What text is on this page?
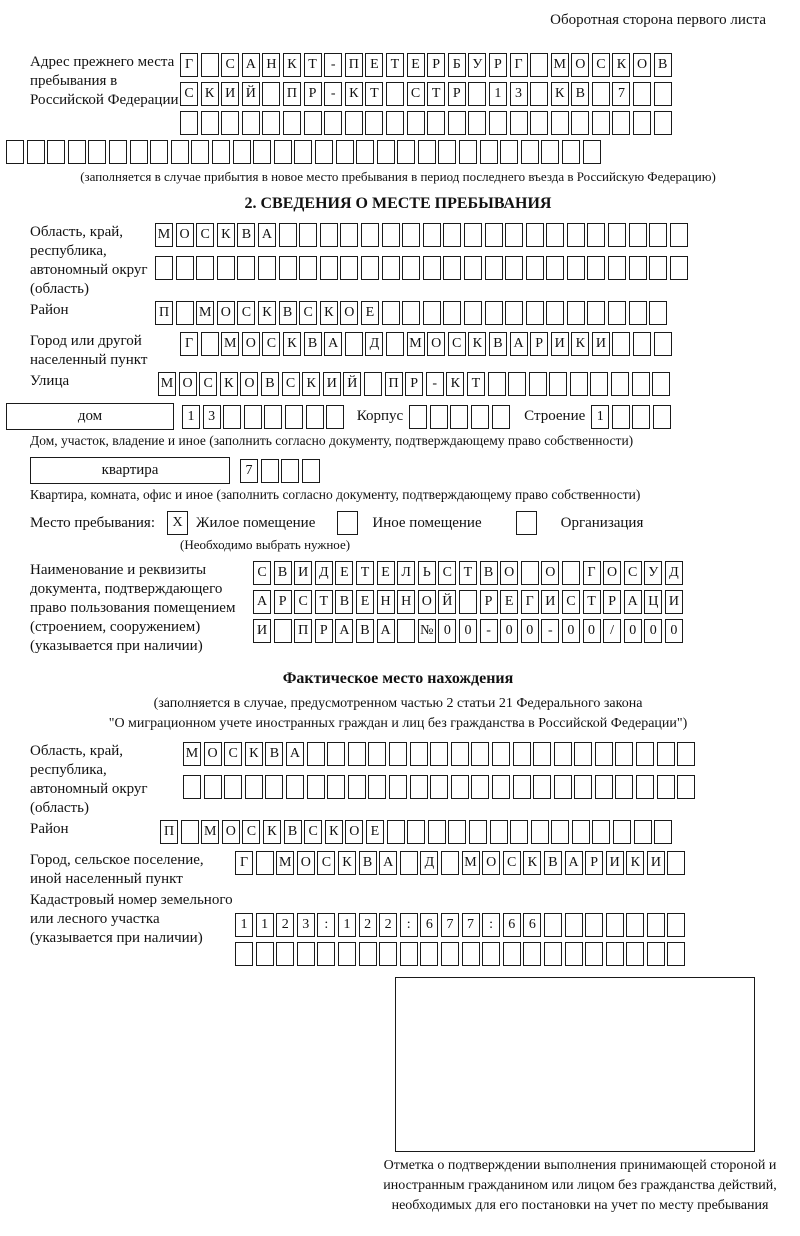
Оборотная сторона первого листа
Адрес прежнего места пребывания в Российской Федерации
Г	С А Н К Т - П Е Т Е Р Б У Р Г	М О С К О В
С К И Й П Р	- К Т	С Т Р	1 3	К В	7
(заполняется в случае прибытия в новое место пребывания в период последнего въезда в Российскую Федерацию)
2. СВЕДЕНИЯ О МЕСТЕ ПРЕБЫВАНИЯ
Область, край, республика, автономный округ (область)
М О С К В А
Район	П М О С К В С К О Е
Город или другой населенный пункт
Г	М О С К В А	Д	М О С К В А Р И К И
Улица	М О С К О В С К И Й П Р	- К Т
дом	1 3	Корпус	Строение 1
Дом, участок, владение и иное (заполнить согласно документу, подтверждающему право собственности)
квартира	7
Квартира, комната, офис и иное (заполнить согласно документу, подтверждающему право собственности)
Место пребывания:	X Жилое помещение	Иное помещение	Организация
(Необходимо выбрать нужное)
Наименование и реквизиты документа, подтверждающего право пользования помещением (строением, сооружением) (указывается при наличии)
С В И Д Е Т Е Л Ь С Т В О О	Г О С У Д
А Р С Т В Е Н Н О Й	Р Е Г И С Т Р А Ц И
И П Р А В А № 0 0	-	0 0	-	0 0	/	0 0 0
Фактическое место нахождения
(заполняется в случае, предусмотренном частью 2 статьи 21 Федерального закона
"О миграционном учете иностранных граждан и лиц без гражданства в Российской Федерации")
Область, край, республика, автономный округ (область)
М О С К В А
Район	П М О С К В С К О Е
Город, сельское поселение, иной населенный пункт
Г	М О С К В А	Д	М О С К В А Р И К И
Кадастровый номер земельного или лесного участка (указывается при наличии)
1 1 2 3	:	1 2 2	:	6 7 7	:	6 6
Отметка о подтверждении выполнения принимающей стороной и иностранным гражданином или лицом без гражданства действий, необходимых для его постановки на учет по месту пребывания
